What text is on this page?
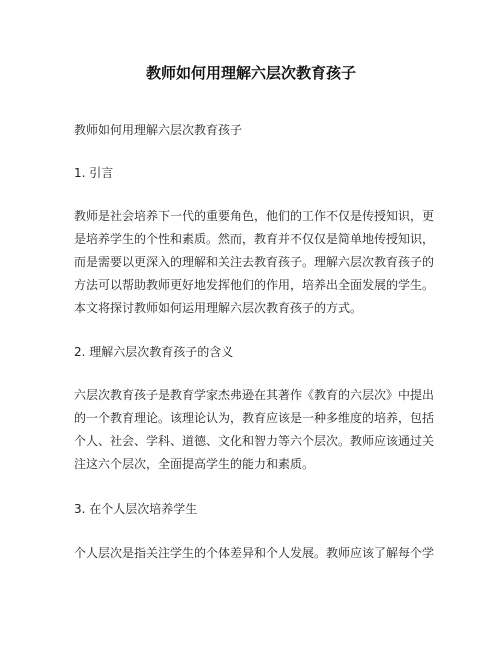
教师如何用理解六层次教育孩子
教师如何用理解六层次教育孩子
1. 引言
教师是社会培养下一代的重要角色，他们的工作不仅是传授知识，更
是培养学生的个性和素质。然而，教育并不仅仅是简单地传授知识，
而是需要以更深入的理解和关注去教育孩子。理解六层次教育孩子的
方法可以帮助教师更好地发挥他们的作用，培养出全面发展的学生。
本文将探讨教师如何运用理解六层次教育孩子的方式。
2. 理解六层次教育孩子的含义
六层次教育孩子是教育学家杰弗逊在其著作《教育的六层次》中提出
的一个教育理论。该理论认为，教育应该是一种多维度的培养，包括
个人、社会、学科、道德、文化和智力等六个层次。教师应该通过关
注这六个层次，全面提高学生的能力和素质。
3. 在个人层次培养学生
个人层次是指关注学生的个体差异和个人发展。教师应该了解每个学
